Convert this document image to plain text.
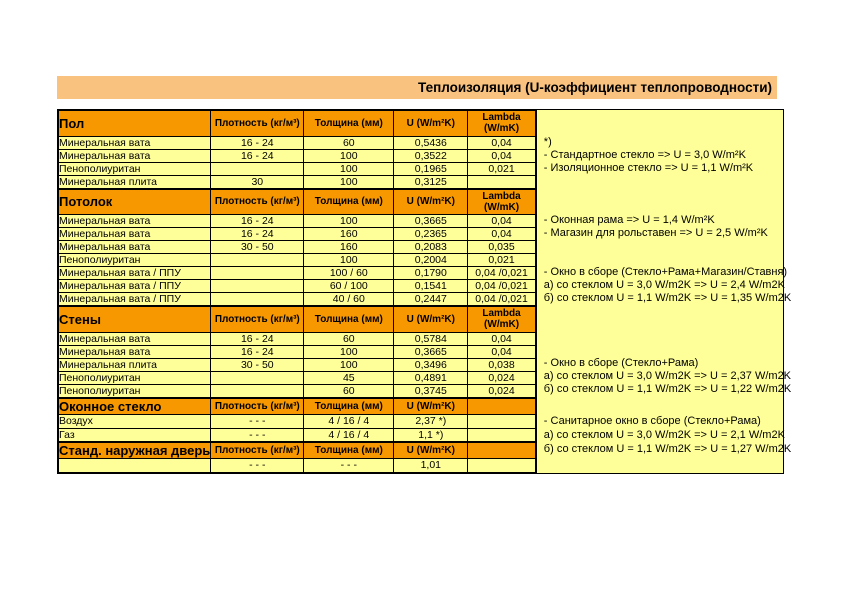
Теплоизоляция (U-коэффициент теплопроводности)
Пол	Плотность (кг/м³)	Толщина (мм)	U (W/m²K)	Lambda
(W/mK)

Минеральная вата	16 - 24	60	0,5436	0,04
Минеральная вата	16 - 24	100	0,3522	0,04
Пенополиуритан		100	0,1965	0,021
Минеральная плита	30	100	0,3125	
Потолок	Плотность (кг/м³)	Толщина (мм)	U (W/m²K)	Lambda
(W/mK)

Минеральная вата	16 - 24	100	0,3665	0,04
Минеральная вата	16 - 24	160	0,2365	0,04
Минеральная вата	30 - 50	160	0,2083	0,035
Пенополиуритан		100	0,2004	0,021
Минеральная вата / ППУ		100 / 60	0,1790	0,04 /0,021
Минеральная вата / ППУ		60 / 100	0,1541	0,04 /0,021
Минеральная вата / ППУ		40 / 60	0,2447	0,04 /0,021
Стены	Плотность (кг/м³)	Толщина (мм)	U (W/m²K)	Lambda
(W/mK)

Минеральная вата	16 - 24	60	0,5784	0,04
Минеральная вата	16 - 24	100	0,3665	0,04
Минеральная плита	30 - 50	100	0,3496	0,038
Пенополиуритан		45	0,4891	0,024
Пенополиуритан		60	0,3745	0,024
Оконное стекло	Плотность (кг/м³)	Толщина (мм)	U (W/m²K)	
Воздух	- - -	4 / 16 / 4	2,37 *)	
Газ	- - -	4 / 16 / 4	1,1 *)	
Станд. наружная дверь	Плотность (кг/м³)	Толщина (мм)	U (W/m²K)	
	- - -	- - -	1,01	
*)
- Стандартное стекло => U = 3,0 W/m²K
- Изоляционное стекло => U = 1,1 W/m²K
- Оконная рама => U = 1,4 W/m²K
- Магазин для рольставен => U = 2,5 W/m²K
- Окно в сборе (Стекло+Рама+Магазин/Ставня)
а) со стеклом U = 3,0 W/m2K => U = 2,4 W/m2K
б) со стеклом U = 1,1 W/m2K => U = 1,35 W/m2K
- Окно в сборе (Стекло+Рама)
а) со стеклом U = 3,0 W/m2K => U = 2,37 W/m2K
б) со стеклом U = 1,1 W/m2K => U = 1,22 W/m2K
- Санитарное окно в сборе (Стекло+Рама)
а) со стеклом U = 3,0 W/m2K => U = 2,1 W/m2K
б) со стеклом U = 1,1 W/m2K => U = 1,27 W/m2K
